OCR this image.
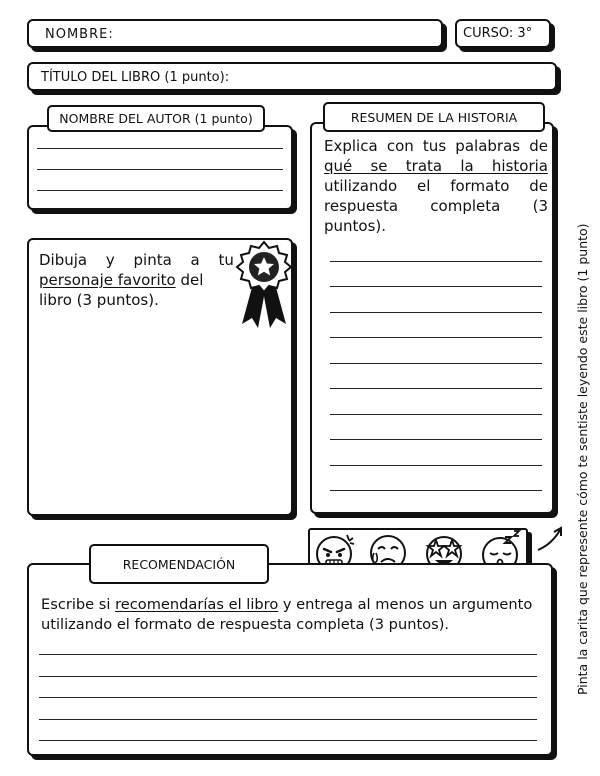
NOMBRE:	CURSO: 3°
TÍTULO DEL LIBRO (1 punto):
NOMBRE DEL AUTOR (1 punto)
Explica con tus palabras de qué se trata la historia utilizando el formato de respuesta completa (3 puntos).
RESUMEN DE LA HISTORIA
Dibuja y pinta a tu personaje favorito del libro (3 puntos).	Pinta la carita que represente cómo te sentiste leyendo este libro (1 punto)
Escribe si recomendarías el libro y entrega al menos un argumento utilizando el formato de respuesta completa (3 puntos).
RECOMENDACIÓN
